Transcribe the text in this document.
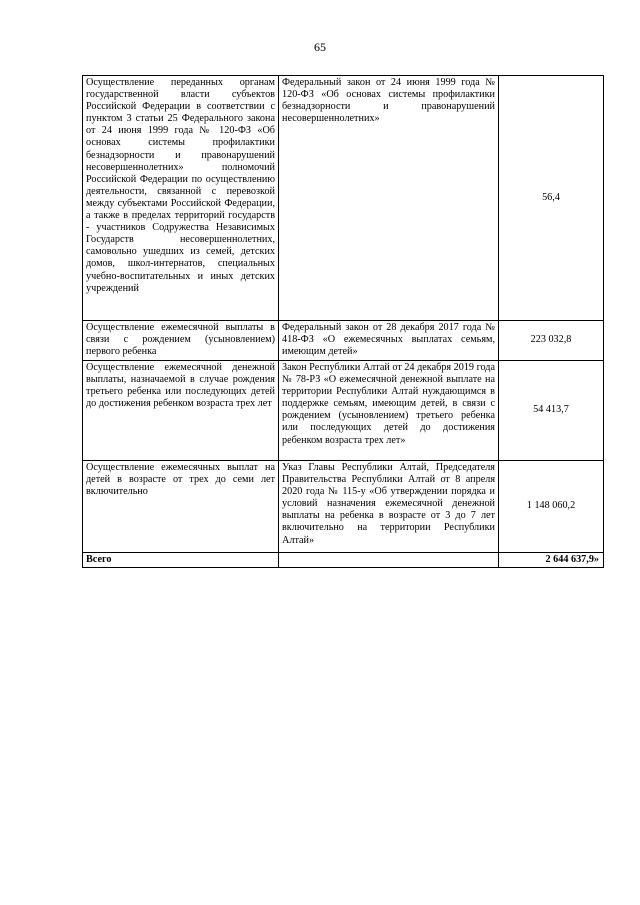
65
Осуществление переданных органам государственной власти субъектов Российской Федерации в соответствии с пунктом 3 статьи 25 Федерального закона от 24 июня 1999 года № 120-ФЗ «Об основах системы профилактики безнадзорности и правонарушений несовершеннолетних» полномочий Российской Федерации по осуществлению деятельности, связанной с перевозкой между субъектами Российской Федерации, а также в пределах территорий государств - участников Содружества Независимых Государств несовершеннолетних, самовольно ушедших из семей, детских домов, школ-интернатов, специальных учебно-воспитательных и иных детских учреждений	Федеральный закон от 24 июня 1999 года № 120-ФЗ «Об основах системы профилактики безнадзорности и правонарушений несовершеннолетних»	56,4
Осуществление ежемесячной выплаты в связи с рождением (усыновлением) первого ребенка	Федеральный закон от 28 декабря 2017 года № 418-ФЗ «О ежемесячных выплатах семьям, имеющим детей»	223 032,8
Осуществление ежемесячной денежной выплаты, назначаемой в случае рождения третьего ребенка или последующих детей до достижения ребенком возраста трех лет	Закон Республики Алтай от 24 декабря 2019 года № 78-РЗ «О ежемесячной денежной выплате на территории Республики Алтай нуждающимся в поддержке семьям, имеющим детей, в связи с рождением (усыновлением) третьего ребенка или последующих детей до достижения ребенком возраста трех лет»	54 413,7
Осуществление ежемесячных выплат на детей в возрасте от трех до семи лет включительно	Указ Главы Республики Алтай, Председателя Правительства Республики Алтай от 8 апреля 2020 года № 115-у «Об утверждении порядка и условий назначения ежемесячной денежной выплаты на ребенка в возрасте от 3 до 7 лет включительно на территории Республики Алтай»	1 148 060,2
Всего		2 644 637,9»
